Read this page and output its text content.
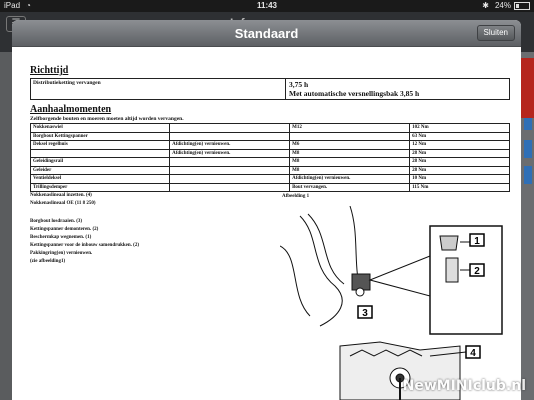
iPad ◔	11:43	✱ 24%
Standaard	Sluiten
Richttijd
Distributieketting vervangen	3,75 h
Met automatische versnellingsbak 3,85 h
Aanhaalmomenten
Zelfborgende bouten en moeren moeten altijd worden vervangen.
Nokkenaswiel		M12	102 Nm
Borgbout Kettingspanner			63 Nm
Deksel regelhuis	Afdichting(en) vernieuwen.	M6	12 Nm
	Afdichting(en) vernieuwen.	M8	28 Nm
Geleidingsrail		M8	28 Nm
Geleider		M8	28 Nm
Ventieldeksel		Afdichting(en) vernieuwen.	10 Nm
Trillingsdemper		Bout vervangen.	115 Nm
Nokkenaslineaal inzetten. (4)
Nokkenaslineaal OE (11 8 250)
Afbeelding 1
Borgbout losdraaien. (3)
Kettingspanner demonteren. (2)
Beschermkap wegnemen. (1)
Kettingspanner voor de inbouw samendrukken. (2)
Pakkingring(en) vernieuwen.
(zie afbeelding1)
1
2
3
4
NewMINIclub.nl
